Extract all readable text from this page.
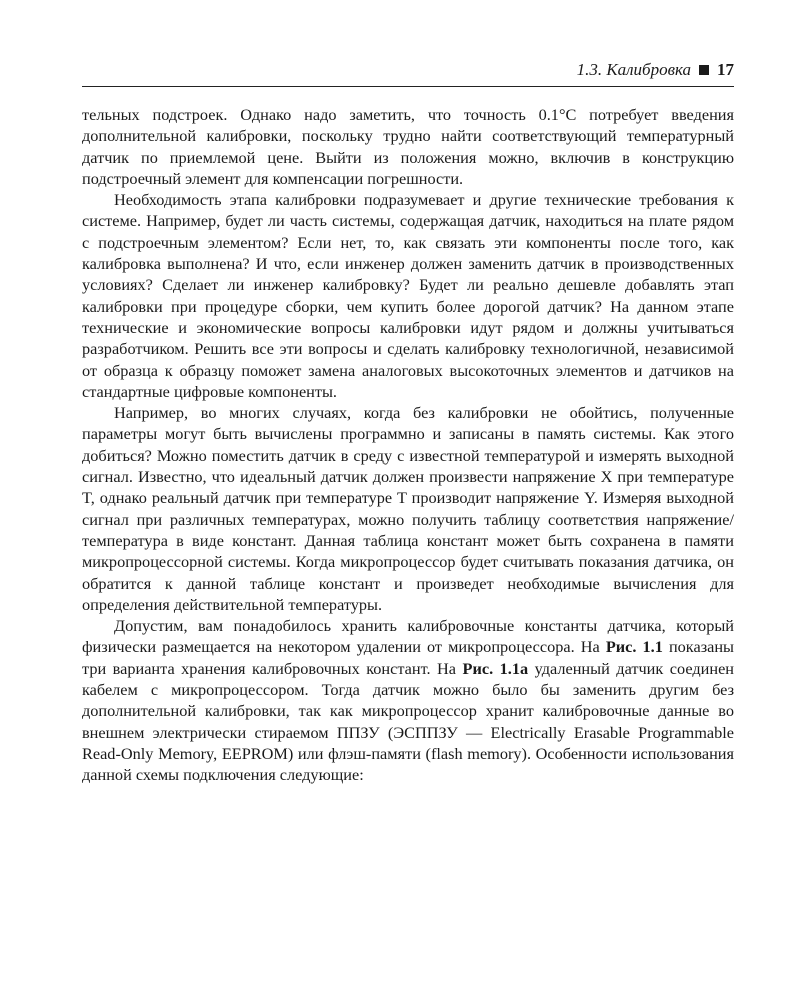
1.3. Калибровка 17

тельных подстроек. Однако надо заметить, что точность 0.1°С потребует введения дополнительной калибровки, поскольку трудно найти соответствующий температурный датчик по приемлемой цене. Выйти из положения можно, включив в конструкцию подстроечный элемент для компенсации погрешности.

Необходимость этапа калибровки подразумевает и другие технические требования к системе. Например, будет ли часть системы, содержащая датчик, находиться на плате рядом с подстроечным элементом? Если нет, то, как связать эти компоненты после того, как калибровка выполнена? И что, если инженер должен заменить датчик в производственных условиях? Сделает ли инженер калибровку? Будет ли реально дешевле добавлять этап калибровки при процедуре сборки, чем купить более дорогой датчик? На данном этапе технические и экономические вопросы калибровки идут рядом и должны учитываться разработчиком. Решить все эти вопросы и сделать калибровку технологичной, независимой от образца к образцу поможет замена аналоговых высокоточных элементов и датчиков на стандартные цифровые компоненты.

Например, во многих случаях, когда без калибровки не обойтись, полученные параметры могут быть вычислены программно и записаны в память системы. Как этого добиться? Можно поместить датчик в среду с известной температурой и измерять выходной сигнал. Известно, что идеальный датчик должен произвести напряжение X при температуре T, однако реальный датчик при температуре T производит напряжение Y. Измеряя выходной сигнал при различных температурах, можно получить таблицу соответствия напряжение/температура в виде констант. Данная таблица констант может быть сохранена в памяти микропроцессорной системы. Когда микропроцессор будет считывать показания датчика, он обратится к данной таблице констант и произведет необходимые вычисления для определения действительной температуры.

Допустим, вам понадобилось хранить калибровочные константы датчика, который физически размещается на некотором удалении от микропроцессора. На Рис. 1.1 показаны три варианта хранения калибровочных констант. На Рис. 1.1а удаленный датчик соединен кабелем с микропроцессором. Тогда датчик можно было бы заменить другим без дополнительной калибровки, так как микропроцессор хранит калибровочные данные во внешнем электрически стираемом ППЗУ (ЭСППЗУ — Electrically Erasable Programmable Read-Only Memory, EEPROM) или флэш-памяти (flash memory). Особенности использования данной схемы подключения следующие:
